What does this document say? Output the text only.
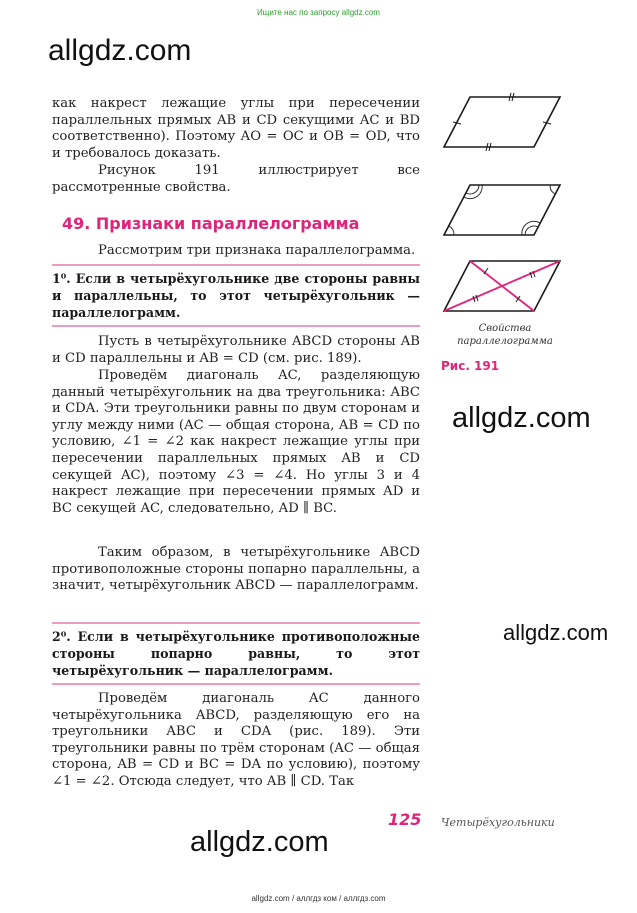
Ищите нас по запросу allgdz.com
allgdz.com
как накрест лежащие углы при пересечении параллельных прямых AB и CD секущими AC и BD соответственно). Поэтому AO = OC и OB = OD, что и требовалось доказать.
Рисунок 191 иллюстрирует все рассмотренные свойства.
49. Признаки параллелограмма
Рассмотрим три признака параллелограмма.
1⁰. Если в четырёхугольнике две стороны равны и параллельны, то этот четырёхугольник — параллелограмм.
Пусть в четырёхугольнике ABCD стороны AB и CD параллельны и AB = CD (см. рис. 189).
Проведём диагональ AC, разделяющую данный четырёхугольник на два треугольника: ABC и CDA. Эти треугольники равны по двум сторонам и углу между ними (AC — общая сторона, AB = CD по условию, ∠1 = ∠2 как накрест лежащие углы при пересечении параллельных прямых AB и CD секущей AC), поэтому ∠3 = ∠4. Но углы 3 и 4 накрест лежащие при пересечении прямых AD и BC секущей AC, следовательно, AD ∥ BC.
Таким образом, в четырёхугольнике ABCD противоположные стороны попарно параллельны, а значит, четырёхугольник ABCD — параллелограмм.
2⁰. Если в четырёхугольнике противоположные стороны попарно равны, то этот четырёхугольник — параллелограмм.
Проведём диагональ AC данного четырёхугольника ABCD, разделяющую его на треугольники ABC и CDA (рис. 189). Эти треугольники равны по трём сторонам (AC — общая сторона, AB = CD и BC = DA по условию), поэтому ∠1 = ∠2. Отсюда следует, что AB ∥ CD. Так
Свойства параллелограмма
Рис. 191
allgdz.com
allgdz.com
allgdz.com
125 Четырёхугольники
allgdz.com / аллгдз ком / аллгдз.com
